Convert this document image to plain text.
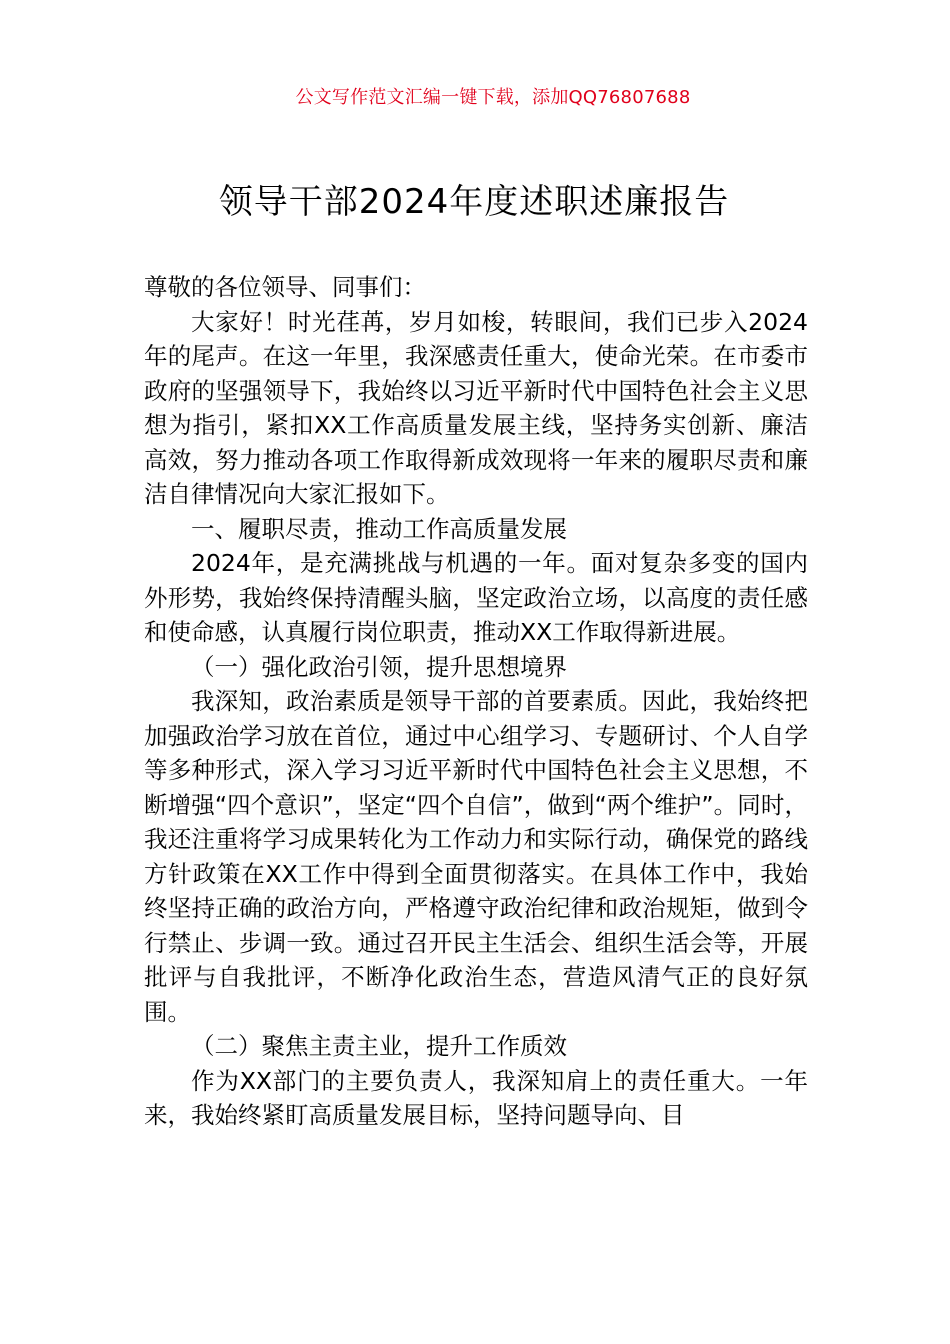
公文写作范文汇编一键下载，添加QQ76807688
领导干部2024年度述职述廉报告

尊敬的各位领导、同事们：

大家好！时光荏苒，岁月如梭，转眼间，我们已步入2024年的尾声。在这一年里，我深感责任重大，使命光荣。在市委市政府的坚强领导下，我始终以习近平新时代中国特色社会主义思想为指引，紧扣XX工作高质量发展主线，坚持务实创新、廉洁高效，努力推动各项工作取得新成效现将一年来的履职尽责和廉洁自律情况向大家汇报如下。

一、履职尽责，推动工作高质量发展

2024年，是充满挑战与机遇的一年。面对复杂多变的国内外形势，我始终保持清醒头脑，坚定政治立场，以高度的责任感和使命感，认真履行岗位职责，推动XX工作取得新进展。

（一）强化政治引领，提升思想境界

我深知，政治素质是领导干部的首要素质。因此，我始终把加强政治学习放在首位，通过中心组学习、专题研讨、个人自学等多种形式，深入学习习近平新时代中国特色社会主义思想，不断增强“四个意识”，坚定“四个自信”，做到“两个维护”。同时，我还注重将学习成果转化为工作动力和实际行动，确保党的路线方针政策在XX工作中得到全面贯彻落实。在具体工作中，我始终坚持正确的政治方向，严格遵守政治纪律和政治规矩，做到令行禁止、步调一致。通过召开民主生活会、组织生活会等，开展批评与自我批评，不断净化政治生态，营造风清气正的良好氛围。

（二）聚焦主责主业，提升工作质效

作为XX部门的主要负责人，我深知肩上的责任重大。一年来，我始终紧盯高质量发展目标，坚持问题导向、目
